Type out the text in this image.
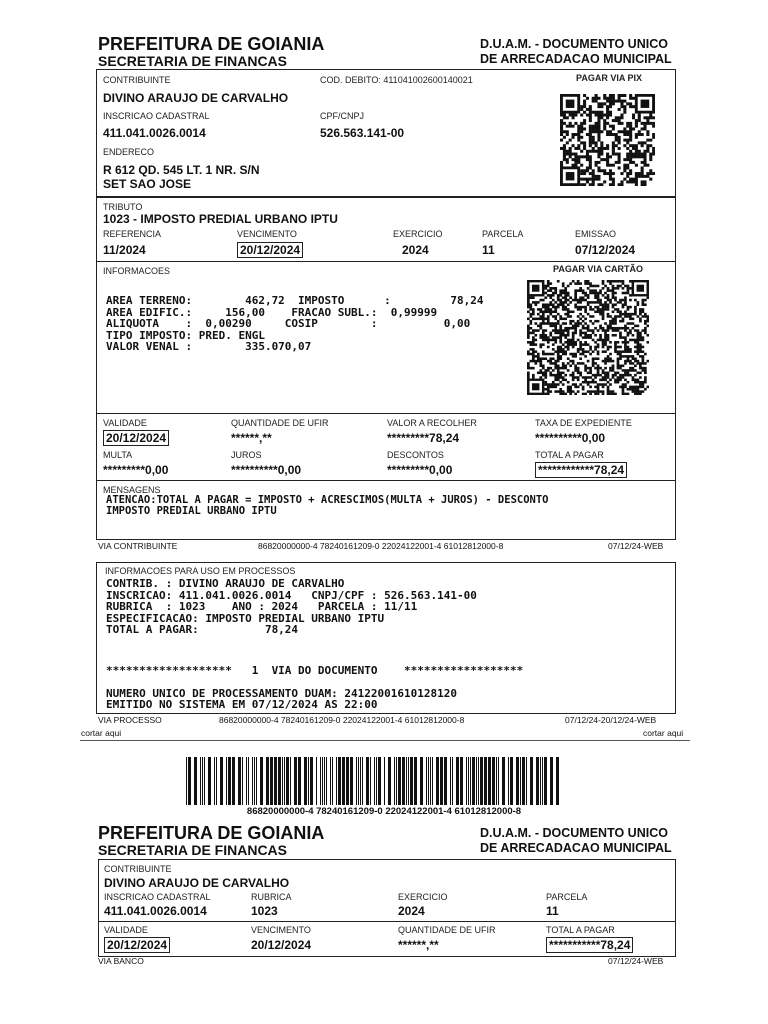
PREFEITURA DE GOIANIA
SECRETARIA DE FINANCAS
D.U.A.M. - DOCUMENTO UNICO
DE ARRECADACAO MUNICIPAL
CONTRIBUINTE	COD. DEBITO: 411041002600140021	PAGAR VIA PIX
DIVINO ARAUJO DE CARVALHO
INSCRICAO CADASTRAL	CPF/CNPJ
411.041.0026.0014	526.563.141-00
ENDERECO
R 612 QD. 545 LT. 1 NR. S/N
SET SAO JOSE
TRIBUTO
1023 - IMPOSTO PREDIAL URBANO IPTU
REFERENCIA	VENCIMENTO	EXERCICIO	PARCELA	EMISSAO
11/2024	20/12/2024	2024	11	07/12/2024
INFORMACOES	PAGAR VIA CARTÃO
AREA TERRENO:        462,72  IMPOSTO      :         78,24
AREA EDIFIC.:     156,00    FRACAO SUBL.:  0,99999
ALIQUOTA    :  0,00290     COSIP        :          0,00
TIPO IMPOSTO: PRED. ENGL
VALOR VENAL :        335.070,07
VALIDADE	QUANTIDADE DE UFIR	VALOR A RECOLHER	TAXA DE EXPEDIENTE
20/12/2024	******,**	*********78,24	**********0,00
MULTA	JUROS	DESCONTOS	TOTAL A PAGAR
*********0,00	**********0,00	*********0,00	************78,24
MENSAGENS
ATENCAO:TOTAL A PAGAR = IMPOSTO + ACRESCIMOS(MULTA + JUROS) - DESCONTO
IMPOSTO PREDIAL URBANO IPTU
VIA CONTRIBUINTE	86820000000-4 78240161209-0 22024122001-4 61012812000-8	07/12/24-WEB
INFORMACOES PARA USO EM PROCESSOS
CONTRIB. : DIVINO ARAUJO DE CARVALHO
INSCRICAO: 411.041.0026.0014   CNPJ/CPF : 526.563.141-00
RUBRICA  : 1023    ANO : 2024   PARCELA : 11/11
ESPECIFICACAO: IMPOSTO PREDIAL URBANO IPTU
TOTAL A PAGAR:          78,24
*******************   1  VIA DO DOCUMENTO    ******************
NUMERO UNICO DE PROCESSAMENTO DUAM: 24122001610128120
EMITIDO NO SISTEMA EM 07/12/2024 AS 22:00
VIA PROCESSO	86820000000-4 78240161209-0 22024122001-4 61012812000-8	07/12/24-20/12/24-WEB
cortar aqui	cortar aqui
86820000000-4 78240161209-0 22024122001-4 61012812000-8
PREFEITURA DE GOIANIA
SECRETARIA DE FINANCAS
D.U.A.M. - DOCUMENTO UNICO
DE ARRECADACAO MUNICIPAL
CONTRIBUINTE
DIVINO ARAUJO DE CARVALHO
INSCRICAO CADASTRAL	RUBRICA	EXERCICIO	PARCELA
411.041.0026.0014	1023	2024	11
VALIDADE	VENCIMENTO	QUANTIDADE DE UFIR	TOTAL A PAGAR
20/12/2024	20/12/2024	******,**	***********78,24
VIA BANCO	07/12/24-WEB
